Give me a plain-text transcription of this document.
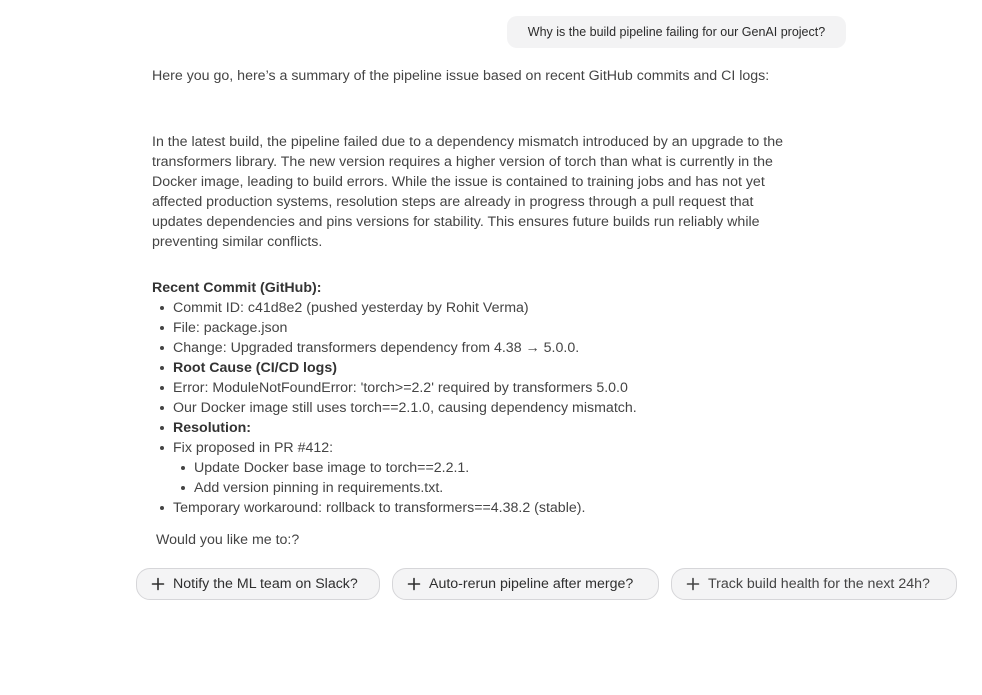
Why is the build pipeline failing for our GenAI project?

Here you go, here’s a summary of the pipeline issue based on recent GitHub commits and CI logs:

In the latest build, the pipeline failed due to a dependency mismatch introduced by an upgrade to the transformers library. The new version requires a higher version of torch than what is currently in the Docker image, leading to build errors. While the issue is contained to training jobs and has not yet affected production systems, resolution steps are already in progress through a pull request that updates dependencies and pins versions for stability. This ensures future builds run reliably while preventing similar conflicts.

Recent Commit (GitHub):
Commit ID: c41d8e2 (pushed yesterday by Rohit Verma)
File: package.json
Change: Upgraded transformers dependency from 4.38 → 5.0.0.
Root Cause (CI/CD logs)
Error: ModuleNotFoundError: 'torch>=2.2' required by transformers 5.0.0
Our Docker image still uses torch==2.1.0, causing dependency mismatch.
Resolution:
Fix proposed in PR #412:
Update Docker base image to torch==2.2.1.
Add version pinning in requirements.txt.
Temporary workaround: rollback to transformers==4.38.2 (stable).

Would you like me to:?

Notify the ML team on Slack?	Auto-rerun pipeline after merge?	Track build health for the next 24h?
